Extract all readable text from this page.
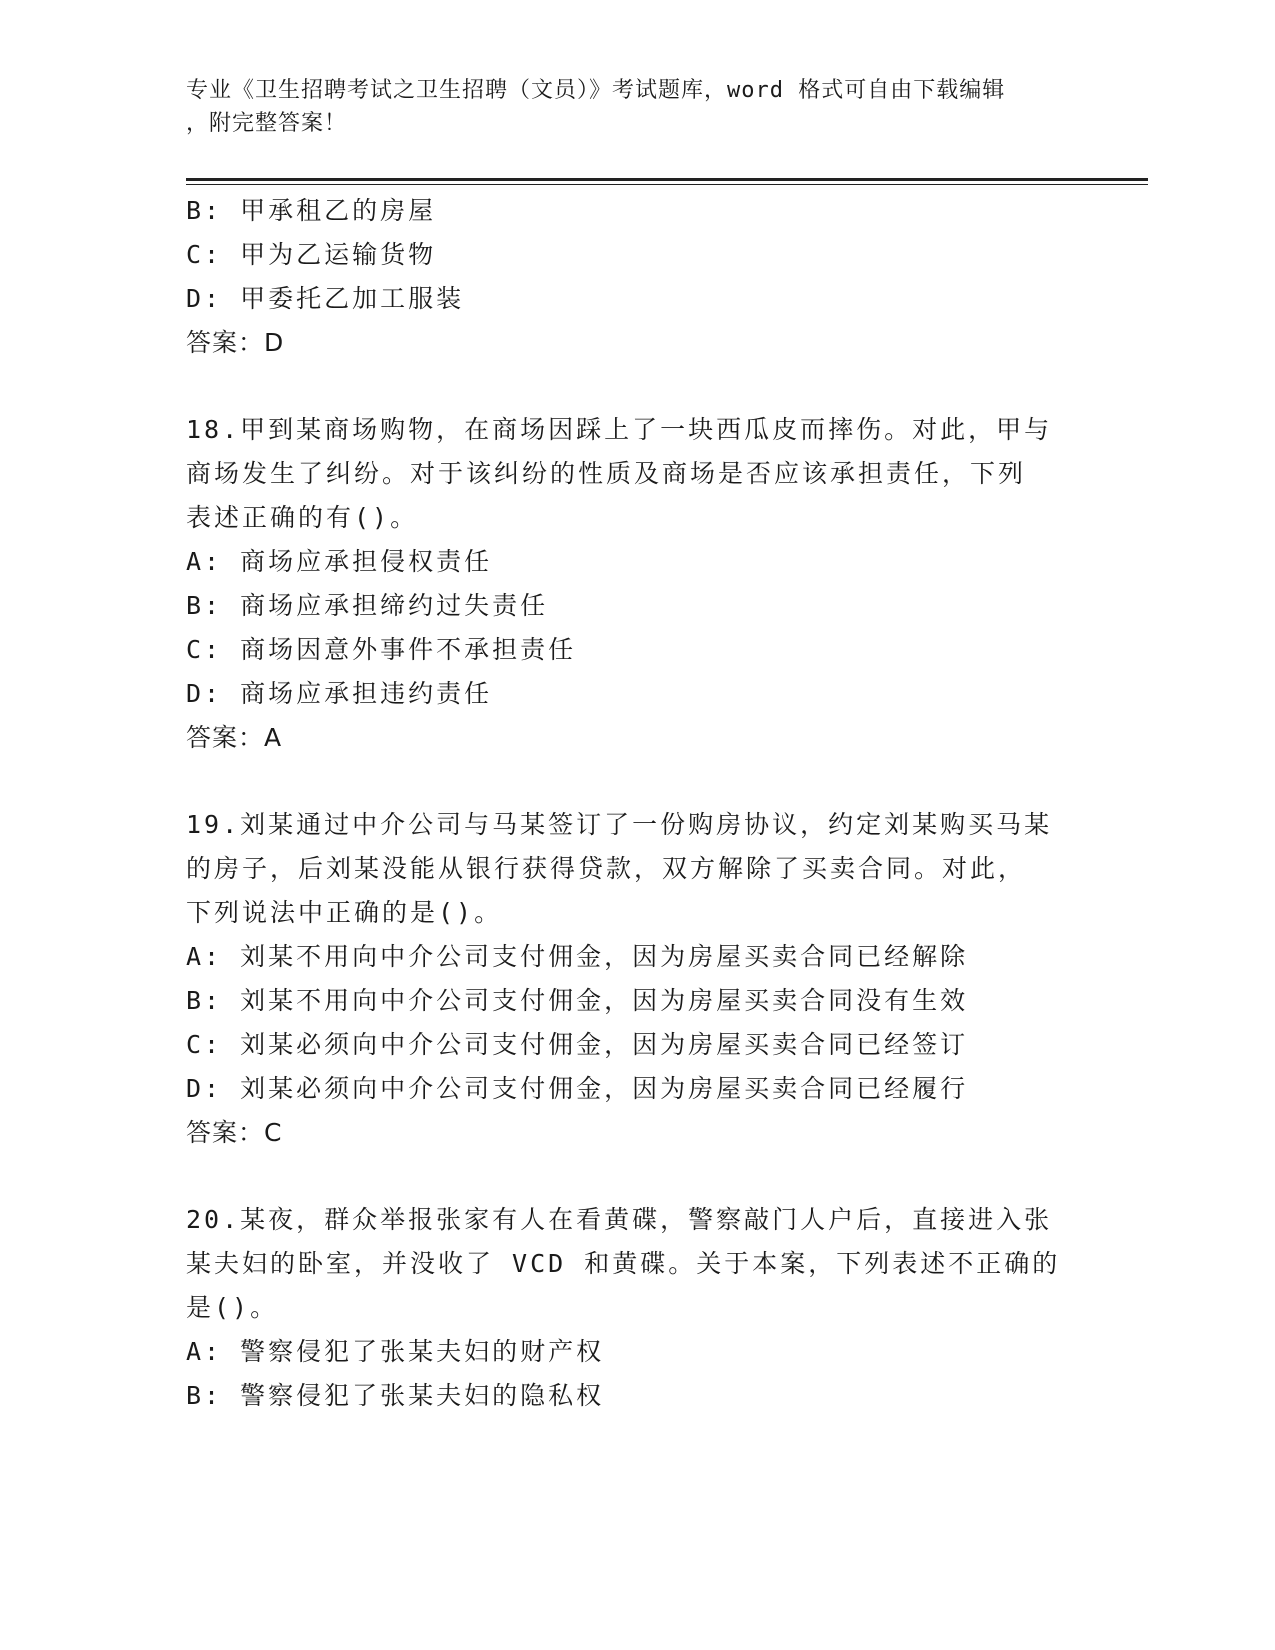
专业《卫生招聘考试之卫生招聘（文员）》考试题库，word 格式可自由下载编辑
，附完整答案！
B: 甲承租乙的房屋
C: 甲为乙运输货物
D: 甲委托乙加工服装
答案：D
18.甲到某商场购物，在商场因踩上了一块西瓜皮而摔伤。对此，甲与
商场发生了纠纷。对于该纠纷的性质及商场是否应该承担责任，下列
表述正确的有()。
A: 商场应承担侵权责任
B: 商场应承担缔约过失责任
C: 商场因意外事件不承担责任
D: 商场应承担违约责任
答案：A
19.刘某通过中介公司与马某签订了一份购房协议，约定刘某购买马某
的房子，后刘某没能从银行获得贷款，双方解除了买卖合同。对此，
下列说法中正确的是()。
A: 刘某不用向中介公司支付佣金，因为房屋买卖合同已经解除
B: 刘某不用向中介公司支付佣金，因为房屋买卖合同没有生效
C: 刘某必须向中介公司支付佣金，因为房屋买卖合同已经签订
D: 刘某必须向中介公司支付佣金，因为房屋买卖合同已经履行
答案：C
20.某夜，群众举报张家有人在看黄碟，警察敲门人户后，直接进入张
某夫妇的卧室，并没收了 VCD 和黄碟。关于本案，下列表述不正确的
是()。
A: 警察侵犯了张某夫妇的财产权
B: 警察侵犯了张某夫妇的隐私权
